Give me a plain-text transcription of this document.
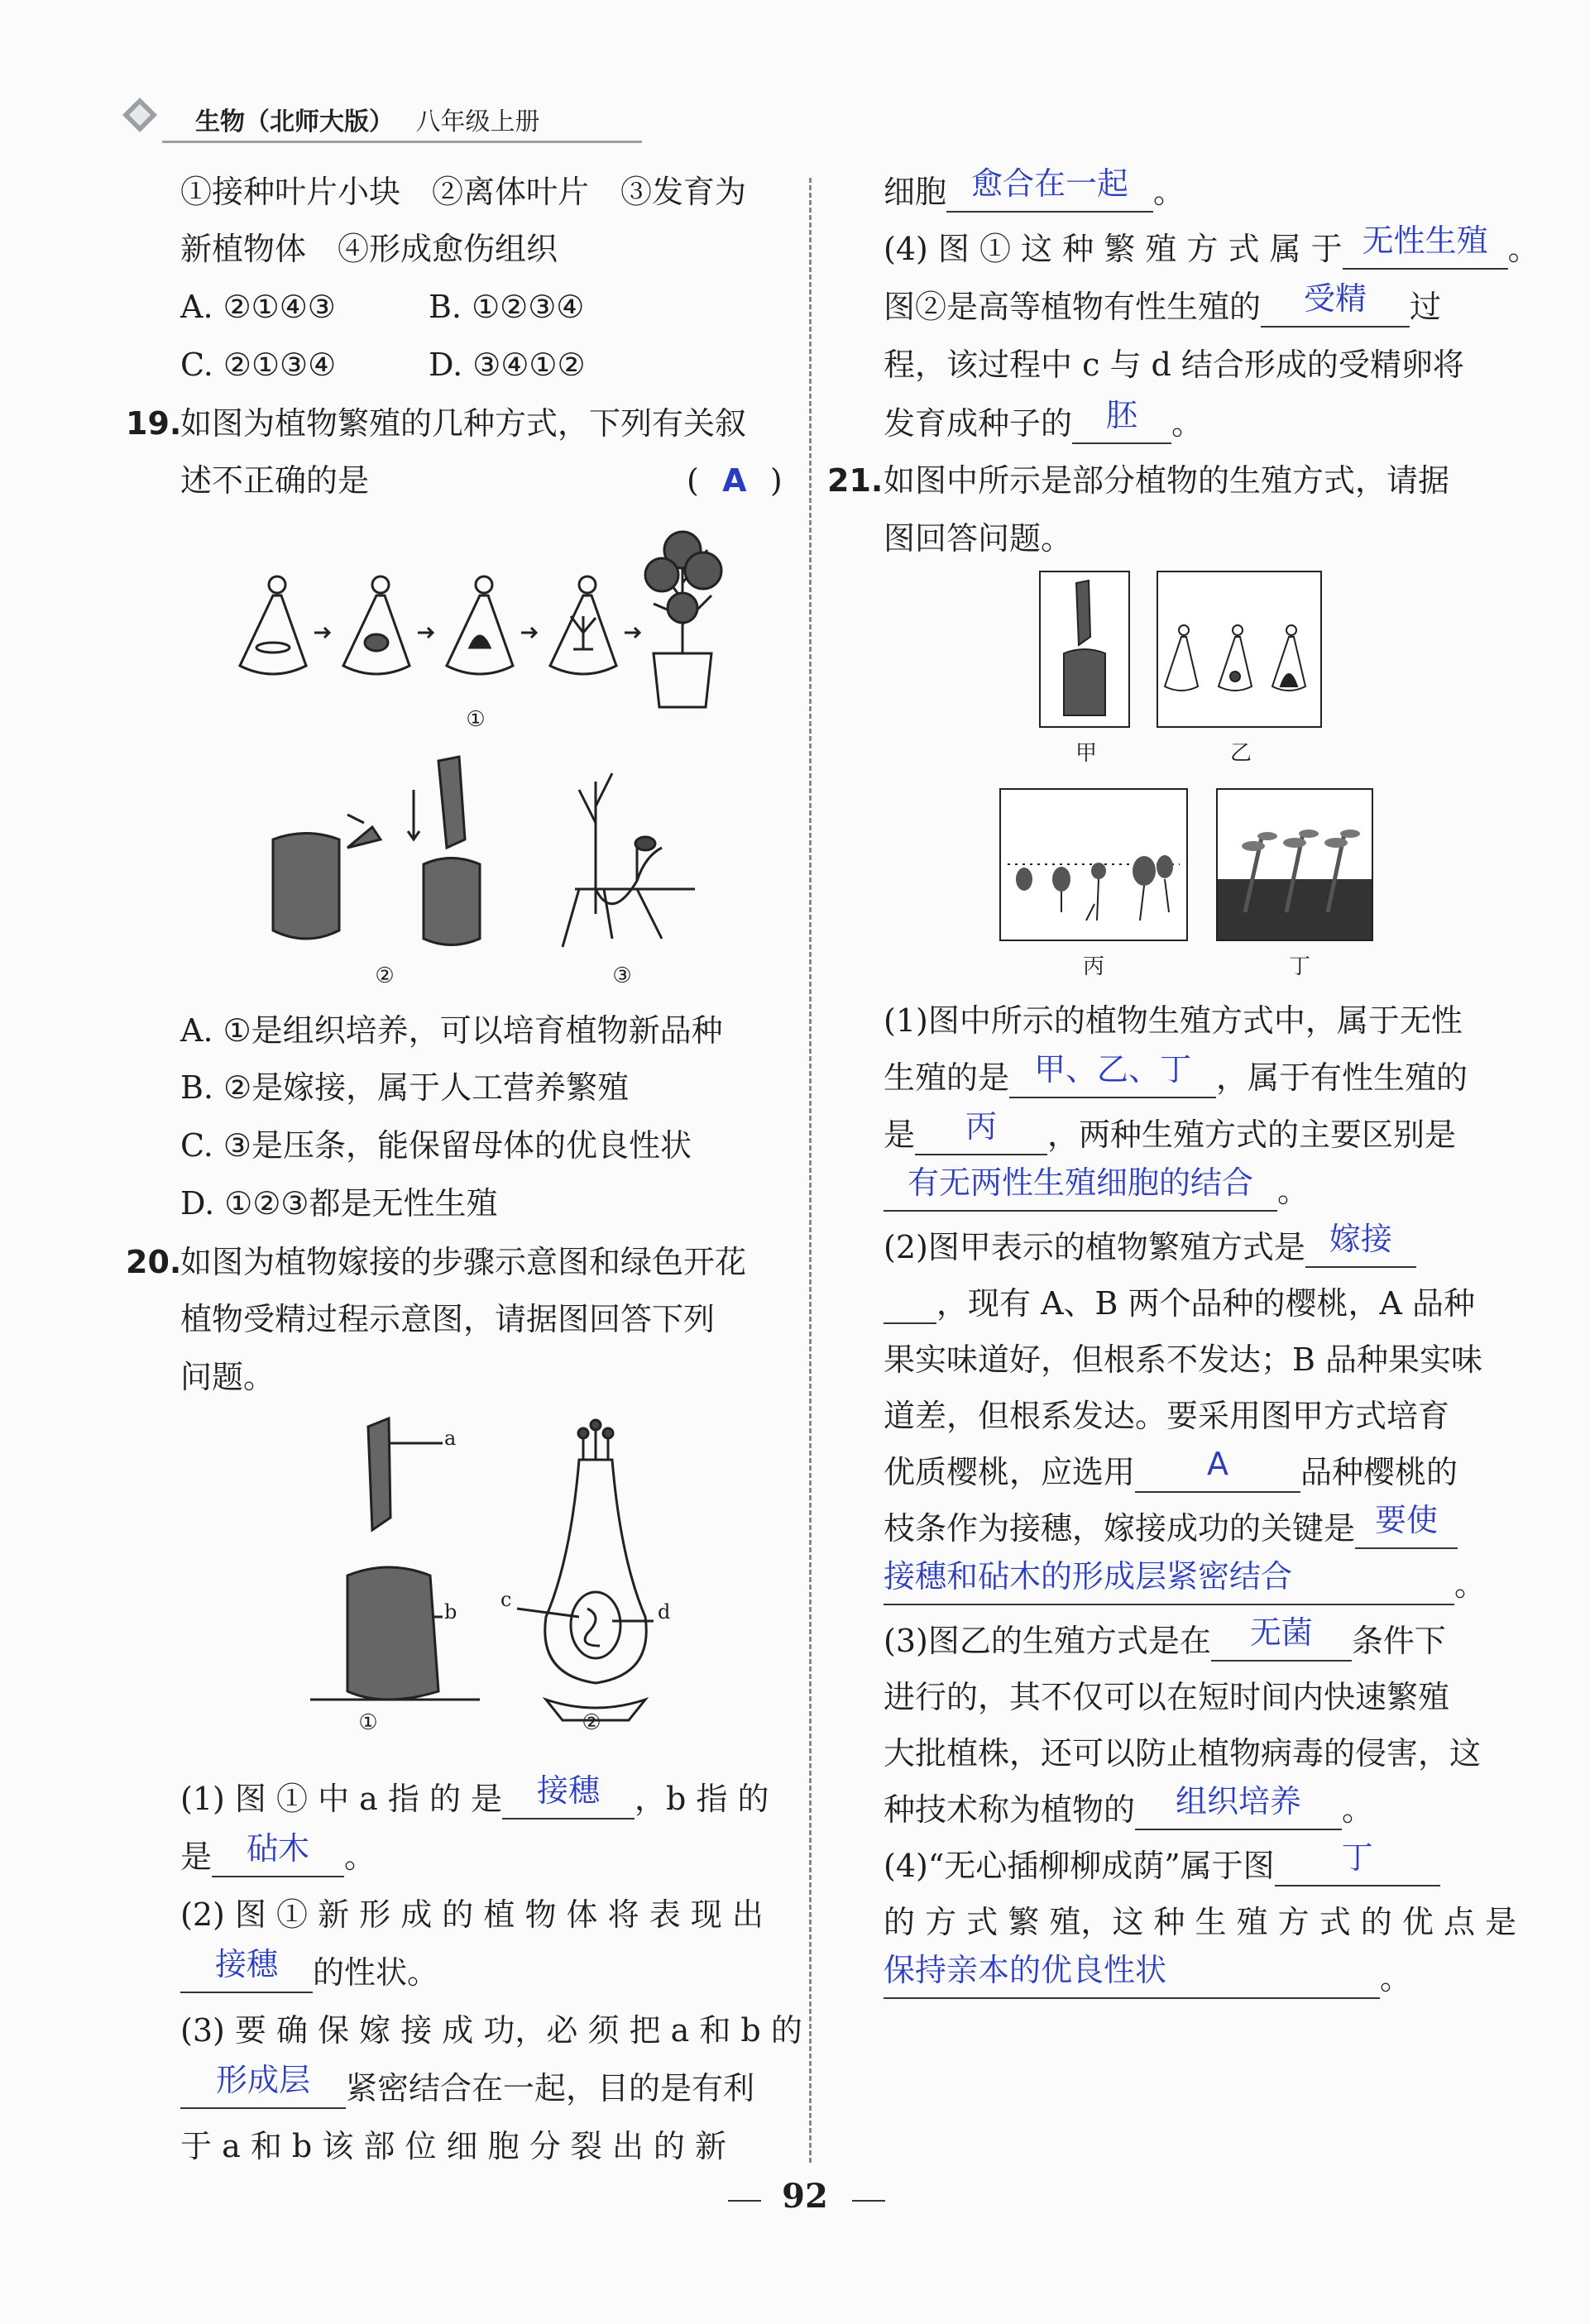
生物（北师大版） 八年级上册
①接种叶片小块　②离体叶片　③发育为
新植物体　④形成愈伤组织
A. ②①④③	B. ①②③④
C. ②①③④	D. ③④①②
19.
如图为植物繁殖的几种方式，下列有关叙
述不正确的是	( A )
①
②	③
A. ①是组织培养，可以培育植物新品种
B. ②是嫁接，属于人工营养繁殖
C. ③是压条，能保留母体的优良性状
D. ①②③都是无性生殖
20.
如图为植物嫁接的步骤示意图和绿色开花
植物受精过程示意图，请据图回答下列
问题。
a
b
c
d
①	②
(1) 图 ① 中 a 指 的 是	接穗	，b 指 的
是	砧木	。
(2) 图 ① 新 形 成 的 植 物 体 将 表 现 出
接穗	的性状。
(3) 要 确 保 嫁 接 成 功，必 须 把 a 和 b 的
形成层	紧密结合在一起，目的是有利
于 a 和 b 该 部 位 细 胞 分 裂 出 的 新
细胞 愈合在一起 。
(4) 图 ① 这 种 繁 殖 方 式 属 于 无性生殖 。
图②是高等植物有性生殖的	受精	过
程，该过程中 c 与 d 结合形成的受精卵将
发育成种子的	胚	。
21. 如图中所示是部分植物的生殖方式，请据
图回答问题。
甲	乙
丙	丁
(1)图中所示的植物生殖方式中，属于无性
生殖的是 甲、乙、丁 ，属于有性生殖的
是	丙	，两种生殖方式的主要区别是
有无两性生殖细胞的结合 。
(2)图甲表示的植物繁殖方式是 嫁接
，现有 A、B 两个品种的樱桃，A 品种
果实味道好，但根系不发达；B 品种果实味
道差，但根系发达。要采用图甲方式培育
优质樱桃，应选用	A	品种樱桃的
枝条作为接穗，嫁接成功的关键是 要使
接穗和砧木的形成层紧密结合	。
(3)图乙的生殖方式是在	无菌	条件下
进行的，其不仅可以在短时间内快速繁殖
大批植株，还可以防止植物病毒的侵害，这
种技术称为植物的	组织培养	。
(4)“无心插柳柳成荫”属于图	丁
的 方 式 繁 殖，这 种 生 殖 方 式 的 优 点 是
保持亲本的优良性状	。
92
